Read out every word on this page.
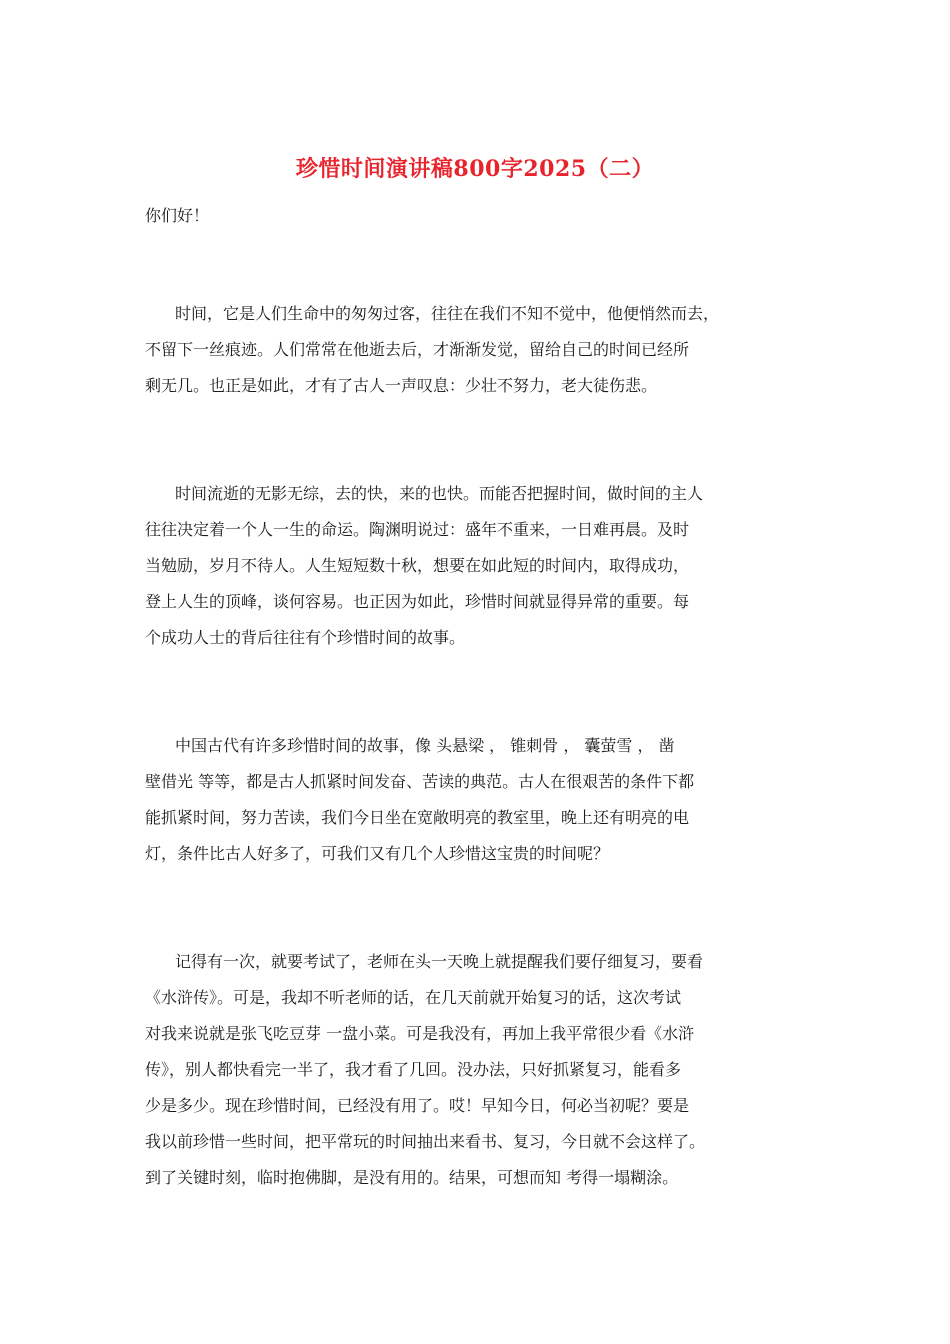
珍惜时间演讲稿800字2025（二）
你们好！
时间，它是人们生命中的匆匆过客，往往在我们不知不觉中，他便悄然而去，
不留下一丝痕迹。人们常常在他逝去后，才渐渐发觉，留给自己的时间已经所
剩无几。也正是如此，才有了古人一声叹息：少壮不努力，老大徒伤悲。
时间流逝的无影无综，去的快，来的也快。而能否把握时间，做时间的主人
往往决定着一个人一生的命运。陶渊明说过：盛年不重来，一日难再晨。及时
当勉励，岁月不待人。人生短短数十秋，想要在如此短的时间内，取得成功，
登上人生的顶峰，谈何容易。也正因为如此，珍惜时间就显得异常的重要。每
个成功人士的背后往往有个珍惜时间的故事。
中国古代有许多珍惜时间的故事，像 头悬梁 ， 锥刺骨 ， 囊萤雪 ， 凿
壁借光 等等，都是古人抓紧时间发奋、苦读的典范。古人在很艰苦的条件下都
能抓紧时间，努力苦读，我们今日坐在宽敞明亮的教室里，晚上还有明亮的电
灯，条件比古人好多了，可我们又有几个人珍惜这宝贵的时间呢？
记得有一次，就要考试了，老师在头一天晚上就提醒我们要仔细复习，要看
《水浒传》。可是，我却不听老师的话，在几天前就开始复习的话，这次考试
对我来说就是张飞吃豆芽 一盘小菜。可是我没有，再加上我平常很少看《水浒
传》，别人都快看完一半了，我才看了几回。没办法，只好抓紧复习，能看多
少是多少。现在珍惜时间，已经没有用了。哎！早知今日，何必当初呢？要是
我以前珍惜一些时间，把平常玩的时间抽出来看书、复习，今日就不会这样了。
到了关键时刻，临时抱佛脚，是没有用的。结果，可想而知 考得一塌糊涂。
